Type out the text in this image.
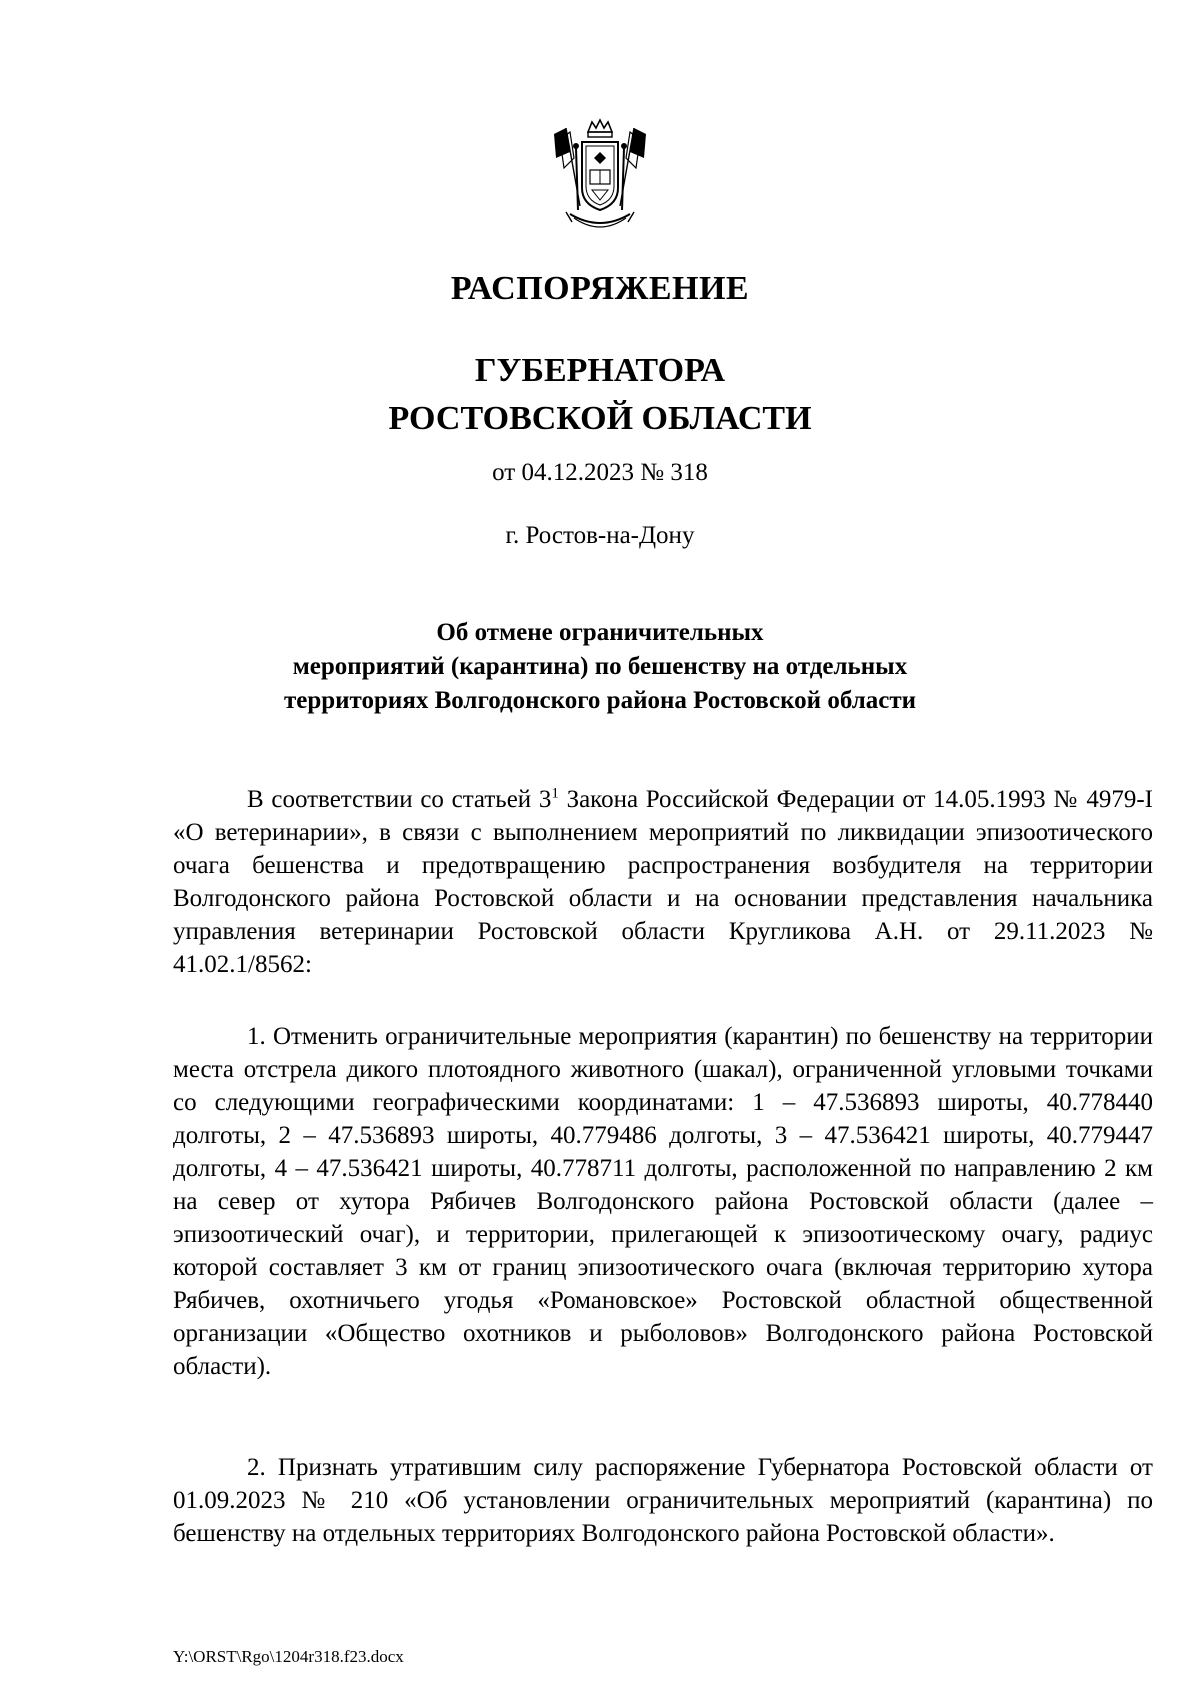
РАСПОРЯЖЕНИЕ
ГУБЕРНАТОРА
РОСТОВСКОЙ ОБЛАСТИ
от 04.12.2023 № 318
г. Ростов-на-Дону
Об отмене ограничительных
мероприятий (карантина) по бешенству на отдельных
территориях Волгодонского района Ростовской области
В соответствии со статьей $3^1$ Закона Российской Федерации от 14.05.1993 № 4979-I «О ветеринарии», в связи с выполнением мероприятий по ликвидации эпизоотического очага бешенства и предотвращению распространения возбудителя на территории Волгодонского района Ростовской области и на основании представления начальника управления ветеринарии Ростовской области Кругликова А.Н. от 29.11.2023 № 41.02.1/8562:
1. Отменить ограничительные мероприятия (карантин) по бешенству на территории места отстрела дикого плотоядного животного (шакал), ограниченной угловыми точками со следующими географическими координатами: 1 – 47.536893 широты, 40.778440 долготы, 2 – 47.536893 широты, 40.779486 долготы, 3 – 47.536421 широты, 40.779447 долготы, 4 – 47.536421 широты, 40.778711 долготы, расположенной по направлению 2 км на север от хутора Рябичев Волгодонского района Ростовской области (далее – эпизоотический очаг), и территории, прилегающей к эпизоотическому очагу, радиус которой составляет 3 км от границ эпизоотического очага (включая территорию хутора Рябичев, охотничьего угодья «Романовское» Ростовской областной общественной организации «Общество охотников и рыболовов» Волгодонского района Ростовской области).
2. Признать утратившим силу распоряжение Губернатора Ростовской области от 01.09.2023 № 210 «Об установлении ограничительных мероприятий (карантина) по бешенству на отдельных территориях Волгодонского района Ростовской области».
Y:\ORST\Rgo\1204r318.f23.docx
